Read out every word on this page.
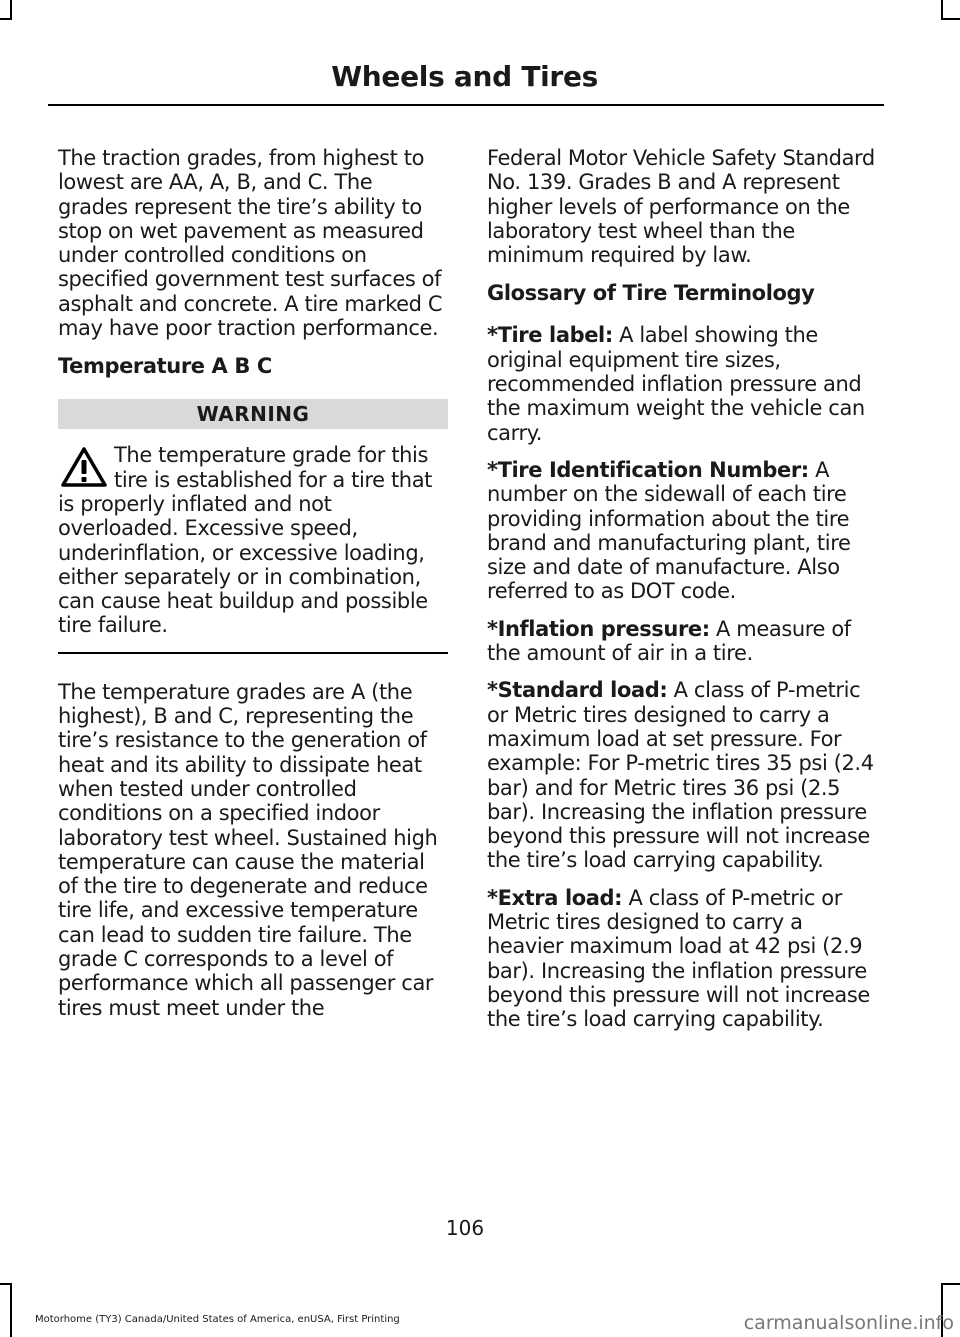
Wheels and Tires

The traction grades, from highest to lowest are AA, A, B, and C. The grades represent the tire’s ability to stop on wet pavement as measured under controlled conditions on specified government test surfaces of asphalt and concrete. A tire marked C may have poor traction performance.

Temperature A B C
WARNING

The temperature grade for this tire is established for a tire that is properly inflated and not overloaded. Excessive speed, underinflation, or excessive loading, either separately or in combination, can cause heat buildup and possible tire failure.

The temperature grades are A (the highest), B and C, representing the tire’s resistance to the generation of heat and its ability to dissipate heat when tested under controlled conditions on a specified indoor laboratory test wheel. Sustained high temperature can cause the material of the tire to degenerate and reduce tire life, and excessive temperature can lead to sudden tire failure. The grade C corresponds to a level of performance which all passenger car tires must meet under the

Federal Motor Vehicle Safety Standard No. 139. Grades B and A represent higher levels of performance on the laboratory test wheel than the minimum required by law.

Glossary of Tire Terminology

*Tire label: A label showing the original equipment tire sizes, recommended inflation pressure and the maximum weight the vehicle can carry.

*Tire Identification Number: A number on the sidewall of each tire providing information about the tire brand and manufacturing plant, tire size and date of manufacture. Also referred to as DOT code.

*Inflation pressure: A measure of the amount of air in a tire.

*Standard load: A class of P-metric or Metric tires designed to carry a maximum load at set pressure. For example: For P-metric tires 35 psi (2.4 bar) and for Metric tires 36 psi (2.5 bar). Increasing the inflation pressure beyond this pressure will not increase the tire’s load carrying capability.

*Extra load: A class of P-metric or Metric tires designed to carry a heavier maximum load at 42 psi (2.9 bar). Increasing the inflation pressure beyond this pressure will not increase the tire’s load carrying capability.

106
Motorhome (TY3) Canada/United States of America, enUSA, First Printing	carmanualsonline.info
